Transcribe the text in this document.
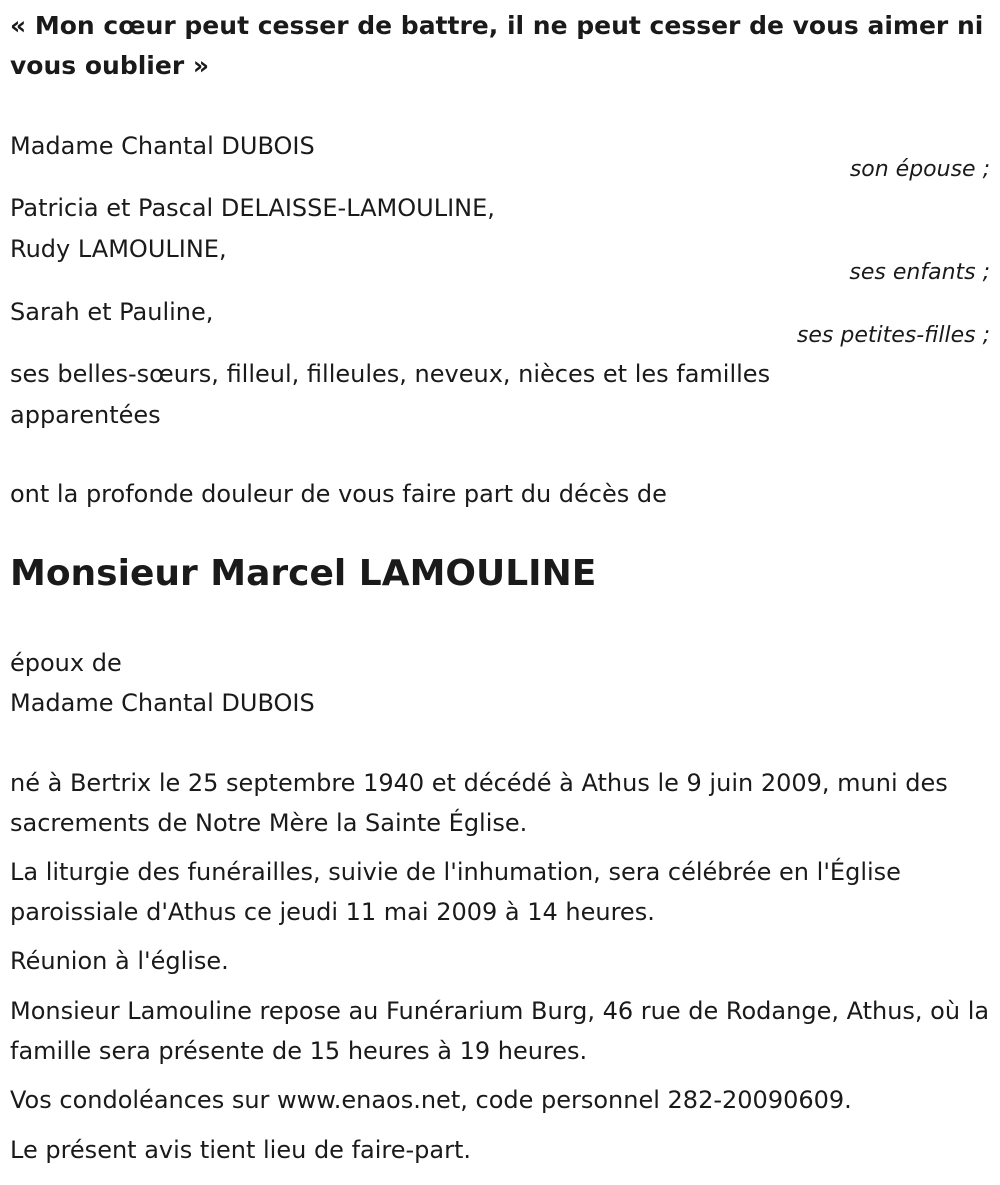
« Mon cœur peut cesser de battre, il ne peut cesser de vous aimer ni vous oublier »
Madame Chantal DUBOIS
son épouse ;
Patricia et Pascal DELAISSE-LAMOULINE,
Rudy LAMOULINE,
ses enfants ;
Sarah et Pauline,
ses petites-filles ;
ses belles-sœurs, filleul, filleules, neveux, nièces et les familles
apparentées
ont la profonde douleur de vous faire part du décès de
Monsieur Marcel LAMOULINE
époux de
Madame Chantal DUBOIS
né à Bertrix le 25 septembre 1940 et décédé à Athus le 9 juin 2009, muni des sacrements de Notre Mère la Sainte Église.
La liturgie des funérailles, suivie de l'inhumation, sera célébrée en l'Église paroissiale d'Athus ce jeudi 11 mai 2009 à 14 heures.
Réunion à l'église.
Monsieur Lamouline repose au Funérarium Burg, 46 rue de Rodange, Athus, où la famille sera présente de 15 heures à 19 heures.
Vos condoléances sur www.enaos.net, code personnel 282-20090609.
Le présent avis tient lieu de faire-part.
